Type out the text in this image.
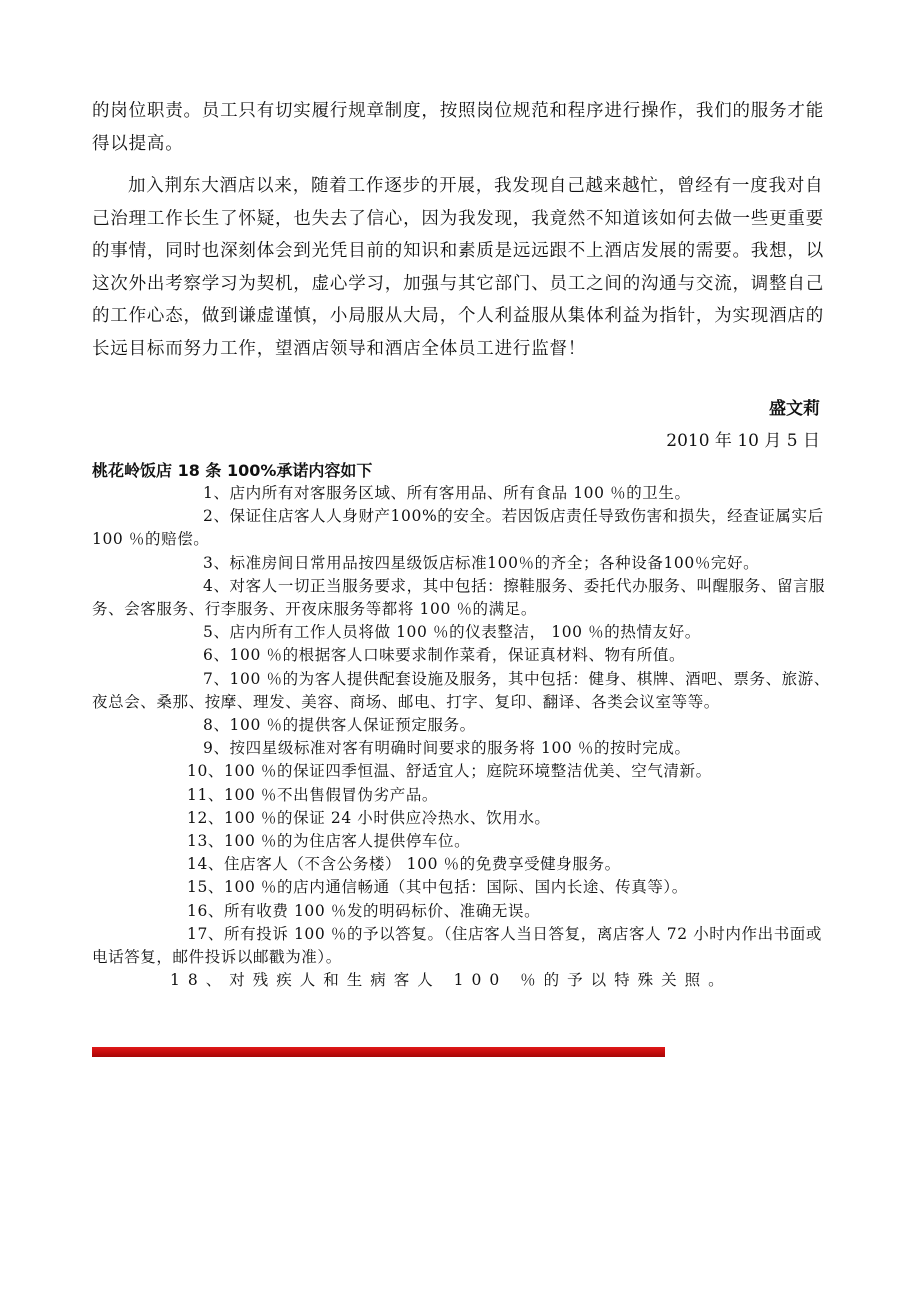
的岗位职责。员工只有切实履行规章制度，按照岗位规范和程序进行操作，我们的服务才能得以提高。

加入荆东大酒店以来，随着工作逐步的开展，我发现自己越来越忙，曾经有一度我对自己治理工作长生了怀疑，也失去了信心，因为我发现，我竟然不知道该如何去做一些更重要的事情，同时也深刻体会到光凭目前的知识和素质是远远跟不上酒店发展的需要。我想，以这次外出考察学习为契机，虚心学习，加强与其它部门、员工之间的沟通与交流，调整自己的工作心态，做到谦虚谨慎，小局服从大局，个人利益服从集体利益为指针，为实现酒店的长远目标而努力工作，望酒店领导和酒店全体员工进行监督！

盛文莉
2010 年 10 月 5 日
桃花岭饭店 18 条 100%承诺内容如下

1、店内所有对客服务区域、所有客用品、所有食品 100 ％的卫生。

2、保证住店客人人身财产100%的安全。若因饭店责任导致伤害和损失，经查证属实后 100 ％的赔偿。

3、标准房间日常用品按四星级饭店标准100％的齐全；各种设备100％完好。

4、对客人一切正当服务要求，其中包括：擦鞋服务、委托代办服务、叫醒服务、留言服务、会客服务、行李服务、开夜床服务等都将 100 ％的满足。

5、店内所有工作人员将做 100 ％的仪表整洁， 100 ％的热情友好。

6、100 ％的根据客人口味要求制作菜肴，保证真材料、物有所值。

7、100 ％的为客人提供配套设施及服务，其中包括：健身、棋牌、酒吧、票务、旅游、夜总会、桑那、按摩、理发、美容、商场、邮电、打字、复印、翻译、各类会议室等等。

8、100 ％的提供客人保证预定服务。

9、按四星级标准对客有明确时间要求的服务将 100 ％的按时完成。

10、100 ％的保证四季恒温、舒适宜人；庭院环境整洁优美、空气清新。

11、100 ％不出售假冒伪劣产品。

12、100 ％的保证 24 小时供应冷热水、饮用水。

13、100 ％的为住店客人提供停车位。

14、住店客人（不含公务楼） 100 ％的免费享受健身服务。

15、100 ％的店内通信畅通（其中包括：国际、国内长途、传真等）。

16、所有收费 100 ％发的明码标价、准确无误。

17、所有投诉 100 ％的予以答复。（住店客人当日答复，离店客人 72 小时内作出书面或电话答复，邮件投诉以邮戳为准）。

18、对残疾人和生病客人 100 ％的予以特殊关照。
